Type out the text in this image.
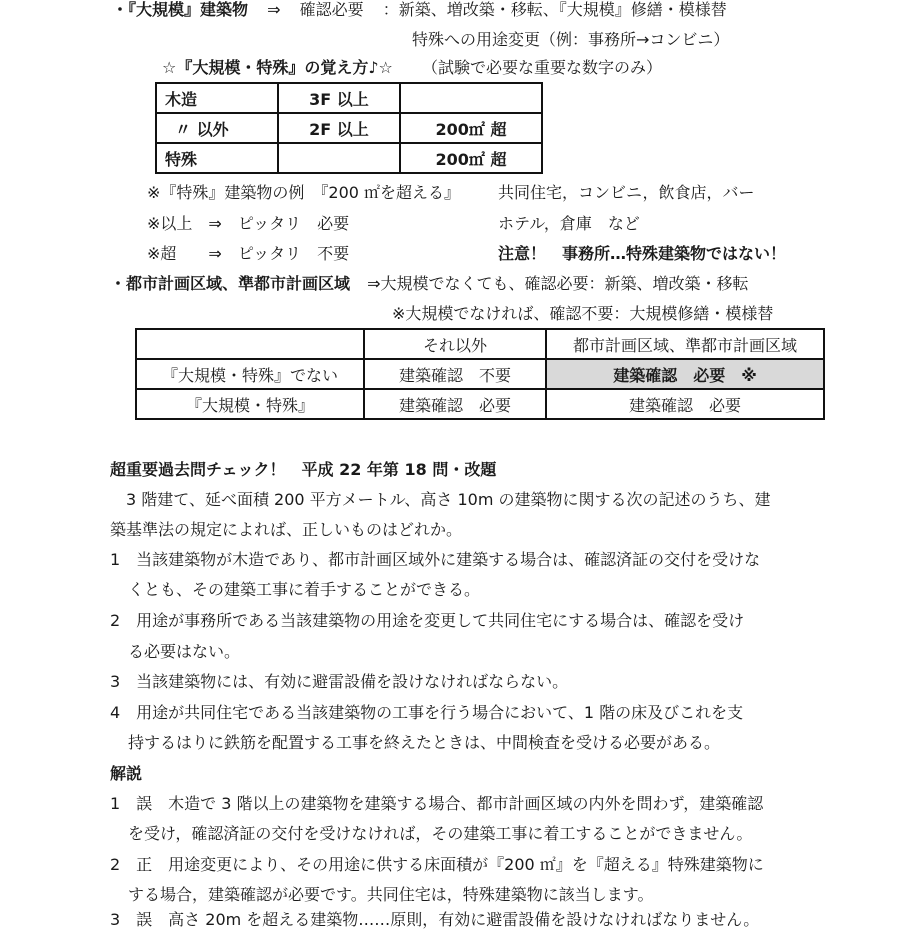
・『大規模』建築物 ⇒ 確認必要 ：新築、増改築・移転、『大規模』修繕・模様替
特殊への用途変更（例：事務所→コンビニ）
☆『大規模・特殊』の覚え方♪☆ （試験で必要な重要な数字のみ）
木造	3F 以上	
〃 以外	2F 以上	200㎡ 超
特殊		200㎡ 超
※『特殊』建築物の例　『200 ㎡を超える』 共同住宅，コンビニ，飲食店，バー
※以上　⇒　ピッタリ　必要	ホテル，倉庫　など
※超　　⇒　ピッタリ　不要	注意！　事務所…特殊建築物ではない！
・都市計画区域、準都市計画区域 ⇒大規模でなくても、確認必要：新築、増改築・移転
※大規模でなければ、確認不要：大規模修繕・模様替
	それ以外	都市計画区域、準都市計画区域
『大規模・特殊』でない	建築確認　不要	建築確認　必要　※
『大規模・特殊』	建築確認　必要	建築確認　必要
超重要過去問チェック！　平成 22 年第 18 問・改題
　3 階建て、延べ面積 200 平方メートル、高さ 10m の建築物に関する次の記述のうち、建
築基準法の規定によれば、正しいものはどれか。
1　当該建築物が木造であり、都市計画区域外に建築する場合は、確認済証の交付を受けな
くとも、その建築工事に着手することができる。
2　用途が事務所である当該建築物の用途を変更して共同住宅にする場合は、確認を受け
る必要はない。
3　当該建築物には、有効に避雷設備を設けなければならない。
4　用途が共同住宅である当該建築物の工事を行う場合において、1 階の床及びこれを支
持するはりに鉄筋を配置する工事を終えたときは、中間検査を受ける必要がある。
解説
1　誤　木造で 3 階以上の建築物を建築する場合、都市計画区域の内外を問わず，建築確認
を受け，確認済証の交付を受けなければ，その建築工事に着工することができません。
2　正　用途変更により、その用途に供する床面積が『200 ㎡』を『超える』特殊建築物に
する場合，建築確認が必要です。共同住宅は，特殊建築物に該当します。
3　誤　高さ 20m を超える建築物……原則，有効に避雷設備を設けなければなりません。
